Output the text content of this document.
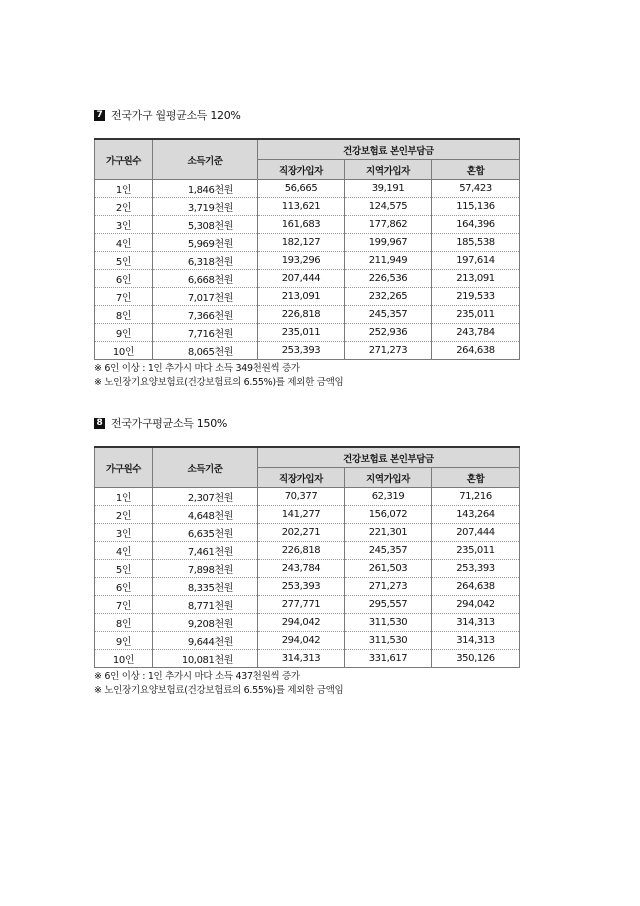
7 전국가구 월평균소득 120%
가구원수	소득기준	건강보험료 본인부담금		
		직장가입자	지역가입자	혼합
1인	1,846천원	56,665	39,191	57,423
2인	3,719천원	113,621	124,575	115,136
3인	5,308천원	161,683	177,862	164,396
4인	5,969천원	182,127	199,967	185,538
5인	6,318천원	193,296	211,949	197,614
6인	6,668천원	207,444	226,536	213,091
7인	7,017천원	213,091	232,265	219,533
8인	7,366천원	226,818	245,357	235,011
9인	7,716천원	235,011	252,936	243,784
10인	8,065천원	253,393	271,273	264,638
※ 6인 이상 : 1인 추가시 마다 소득 349천원씩 증가
※ 노인장기요양보험료(건강보험료의 6.55%)를 제외한 금액임
8 전국가구평균소득 150%
가구원수	소득기준	건강보험료 본인부담금		
		직장가입자	지역가입자	혼합
1인	2,307천원	70,377	62,319	71,216
2인	4,648천원	141,277	156,072	143,264
3인	6,635천원	202,271	221,301	207,444
4인	7,461천원	226,818	245,357	235,011
5인	7,898천원	243,784	261,503	253,393
6인	8,335천원	253,393	271,273	264,638
7인	8,771천원	277,771	295,557	294,042
8인	9,208천원	294,042	311,530	314,313
9인	9,644천원	294,042	311,530	314,313
10인	10,081천원	314,313	331,617	350,126
※ 6인 이상 : 1인 추가시 마다 소득 437천원씩 증가
※ 노인장기요양보험료(건강보험료의 6.55%)를 제외한 금액임
